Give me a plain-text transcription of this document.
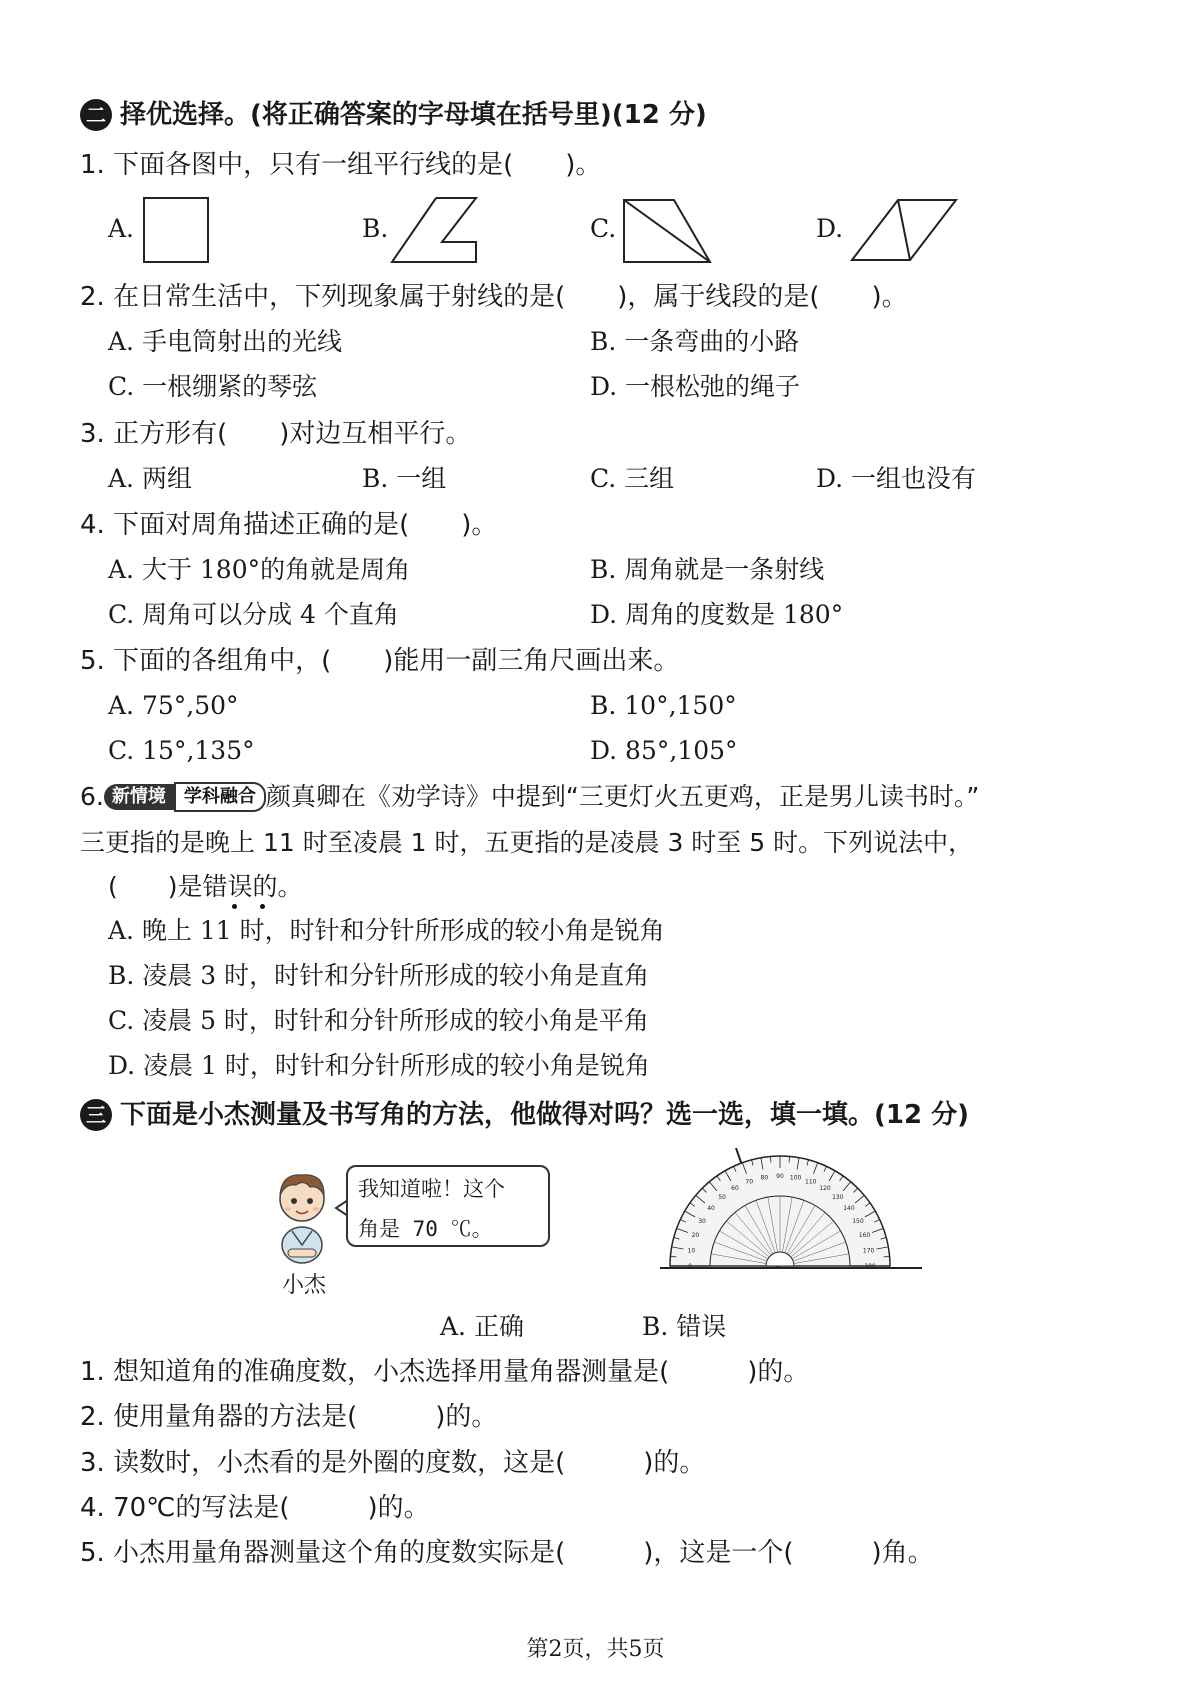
二 择优选择。(将正确答案的字母填在括号里)(12 分)
1. 下面各图中，只有一组平行线的是(　　)。
A.	B.	C.	D.
2. 在日常生活中，下列现象属于射线的是(　　)，属于线段的是(　　)。
A. 手电筒射出的光线	B. 一条弯曲的小路
C. 一根绷紧的琴弦	D. 一根松弛的绳子
3. 正方形有(　　)对边互相平行。
A. 两组	B. 一组	C. 三组	D. 一组也没有
4. 下面对周角描述正确的是(　　)。
A. 大于 180°的角就是周角	B. 周角就是一条射线
C. 周角可以分成 4 个直角	D. 周角的度数是 180°
5. 下面的各组角中，(　　)能用一副三角尺画出来。
A. 75°,50°	B. 10°,150°
C. 15°,135°	D. 85°,105°
6. 新情境 学科融合 颜真卿在《劝学诗》中提到“三更灯火五更鸡，正是男儿读书时。”
三更指的是晚上 11 时至凌晨 1 时，五更指的是凌晨 3 时至 5 时。下列说法中，
(　　)是错误的。
A. 晚上 11 时，时针和分针所形成的较小角是锐角
B. 凌晨 3 时，时针和分针所形成的较小角是直角
C. 凌晨 5 时，时针和分针所形成的较小角是平角
D. 凌晨 1 时，时针和分针所形成的较小角是锐角
三 下面是小杰测量及书写角的方法，他做得对吗？选一选，填一填。(12 分)
我知道啦！这个
角是 70 ℃。
小杰
0
10
20
30
40
50
60
70
80 90 100
110
120
130
140
150
160
170
180
A. 正确	B. 错误
1. 想知道角的准确度数，小杰选择用量角器测量是(　　　)的。
2. 使用量角器的方法是(　　　)的。
3. 读数时，小杰看的是外圈的度数，这是(　　　)的。
4. 70℃的写法是(　　　)的。
5. 小杰用量角器测量这个角的度数实际是(　　　)，这是一个(　　　)角。
第2页，共5页
